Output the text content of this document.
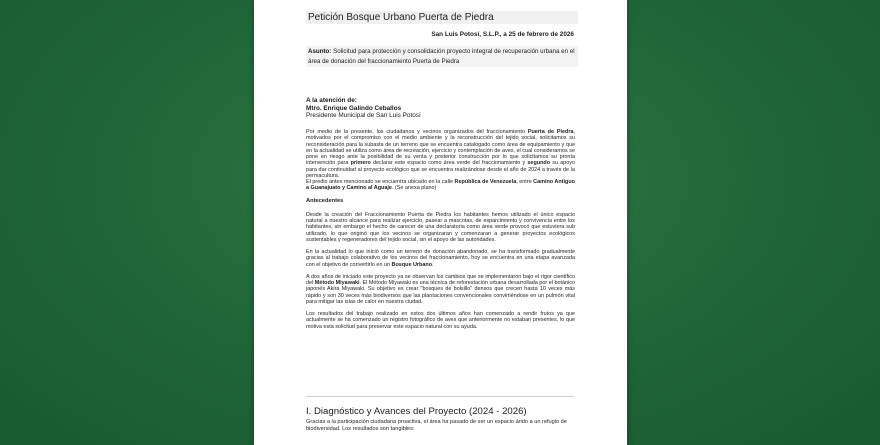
Petición Bosque Urbano Puerta de Piedra
San Luis Potosí, S.L.P., a 25 de febrero de 2026
Asunto: Solicitud para protección y consolidación proyecto integral de recuperación urbana en el área de donación del fraccionamiento Puerta de Piedra
A la atención de:
Mtro. Enrique Galindo Ceballos
Presidente Municipal de San Luis Potosí

Por medio de la presente, los ciudadanos y vecinos organizados del fraccionamiento Puerta de Piedra, motivados por el compromiso con el medio ambiente y la reconstrucción del tejido social, solicitamos su reconsideración para la subasta de un terreno que se encuentra catalogado como área de equipamiento y que en la actualidad se utiliza como área de recreación, ejercicio y contemplación de aves, el cual consideramos se pone en riesgo ante la posibilidad de su venta y posterior construcción por lo que solicitamos su pronta intervención para primero declarar este espacio como área verde del fraccionamiento y segundo su apoyo para dar continuidad al proyecto ecológico que se encuentra realizándose desde el año de 2024 a través de la permacultura.

El predio antes mencionado se encuentra ubicado en la calle República de Venezuela, entre Camino Antiguo a Guanajuato y Camino al Aguaje. (Se anexa plano)

Antecedentes

Desde la creación del Fraccionamiento Puerta de Piedra los habitantes hemos utilizado el único espacio natural a nuestro alcance para realizar ejercicio, pasear a mascotas, de esparcimiento y convivencia entre los habitantes, sin embargo el hecho de carecer de una declaratoria como área verde provocó que estuviera sub utilizado, lo que originó que los vecinos se organizaran y comenzaran a generar proyectos ecológicos sustentables y regeneradores del tejido social, sin el apoyo de las autoridades.

En la actualidad lo que inició como un terreno de donación abandonado, se ha transformado gradualmente gracias al trabajo colaborativo de los vecinos del fraccionamiento, hoy se encuentra en una etapa avanzada con el objetivo de convertirlo en un Bosque Urbano.

A dos años de iniciado este proyecto ya se observan los cambios que se implementaron bajo el rigor científico del Método Miyawaki. El Método Miyawaki es una técnica de reforestación urbana desarrollada por el botánico japonés Akira Miyawaki. Su objetivo es crear "bosques de bolsillo" densos que crecen hasta 10 veces más rápido y son 30 veces más biodiversos que las plantaciones convencionales convirtiéndose en un pulmón vital para mitigar las islas de calor en nuestra ciudad.

Los resultados del trabajo realizado en estos dos últimos años han comenzado a rendir frutos ya que actualmente se ha comenzado un registro fotográfico de aves que anteriormente no estaban presentes, lo que motiva esta solicitud para preservar este espacio natural con su ayuda.

I. Diagnóstico y Avances del Proyecto (2024 - 2026)
Gracias a la participación ciudadana proactiva, el área ha pasado de ser un espacio árido a un refugio de biodiversidad. Los resultados son tangibles:
